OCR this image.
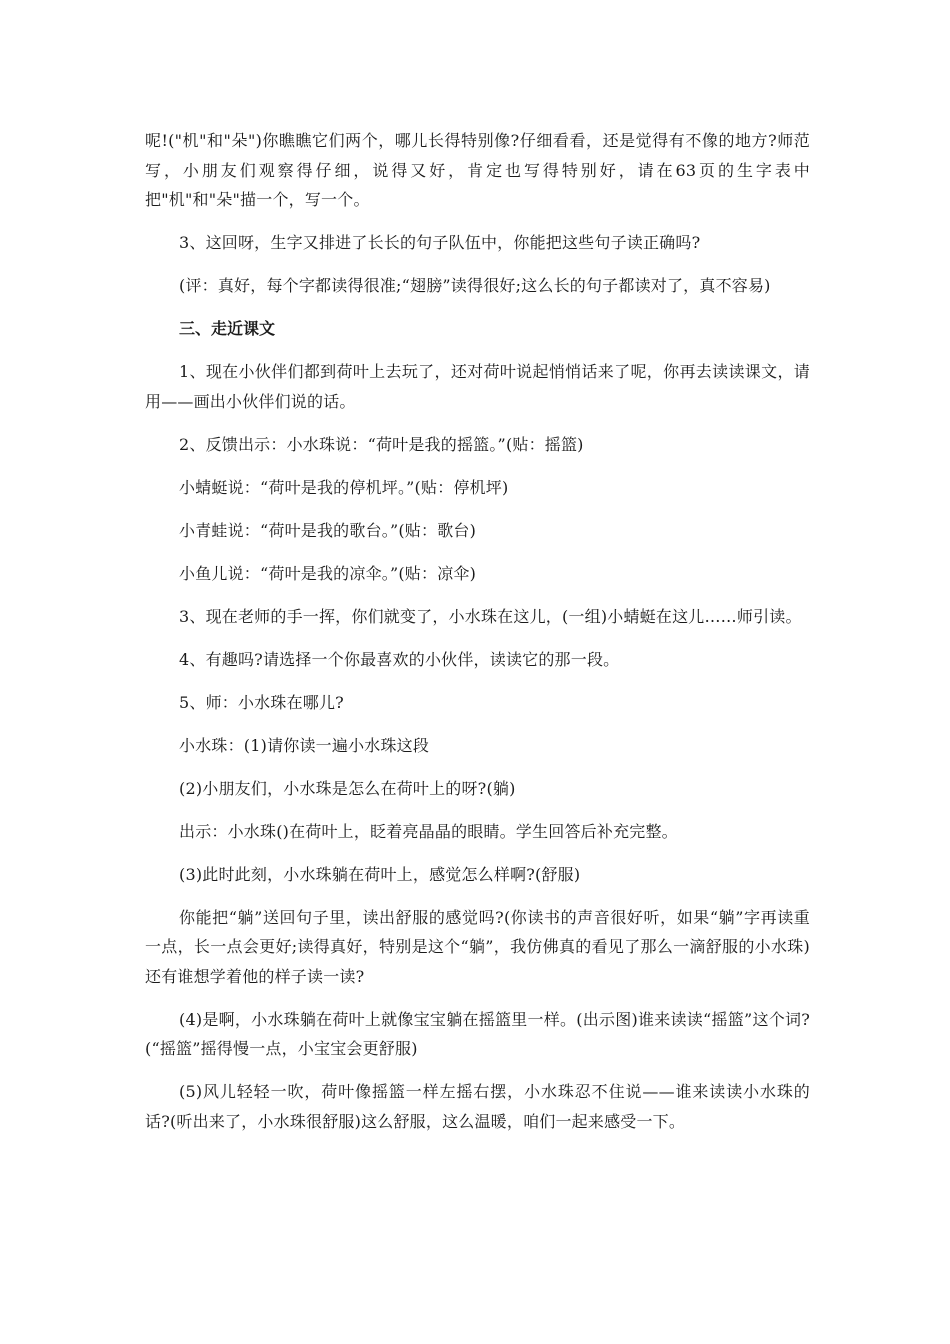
呢!("机"和"朵")你瞧瞧它们两个，哪儿长得特别像?仔细看看，还是觉得有不像的地方?师范写，小朋友们观察得仔细，说得又好，肯定也写得特别好，请在63页的生字表中把"机"和"朵"描一个，写一个。

3、这回呀，生字又排进了长长的句子队伍中，你能把这些句子读正确吗?

(评：真好，每个字都读得很准;“翅膀”读得很好;这么长的句子都读对了，真不容易)

三、走近课文

1、现在小伙伴们都到荷叶上去玩了，还对荷叶说起悄悄话来了呢，你再去读读课文，请用——画出小伙伴们说的话。

2、反馈出示：小水珠说：“荷叶是我的摇篮。”(贴：摇篮)

小蜻蜓说：“荷叶是我的停机坪。”(贴：停机坪)

小青蛙说：“荷叶是我的歌台。”(贴：歌台)

小鱼儿说：“荷叶是我的凉伞。”(贴：凉伞)

3、现在老师的手一挥，你们就变了，小水珠在这儿，(一组)小蜻蜓在这儿……师引读。

4、有趣吗?请选择一个你最喜欢的小伙伴，读读它的那一段。

5、师：小水珠在哪儿?

小水珠：(1)请你读一遍小水珠这段

(2)小朋友们，小水珠是怎么在荷叶上的呀?(躺)

出示：小水珠()在荷叶上，眨着亮晶晶的眼睛。学生回答后补充完整。

(3)此时此刻，小水珠躺在荷叶上，感觉怎么样啊?(舒服)

你能把“躺”送回句子里，读出舒服的感觉吗?(你读书的声音很好听，如果“躺”字再读重一点，长一点会更好;读得真好，特别是这个“躺”，我仿佛真的看见了那么一滴舒服的小水珠)还有谁想学着他的样子读一读?

(4)是啊，小水珠躺在荷叶上就像宝宝躺在摇篮里一样。(出示图)谁来读读“摇篮”这个词?(“摇篮”摇得慢一点，小宝宝会更舒服)

(5)风儿轻轻一吹，荷叶像摇篮一样左摇右摆，小水珠忍不住说——谁来读读小水珠的话?(听出来了，小水珠很舒服)这么舒服，这么温暖，咱们一起来感受一下。
